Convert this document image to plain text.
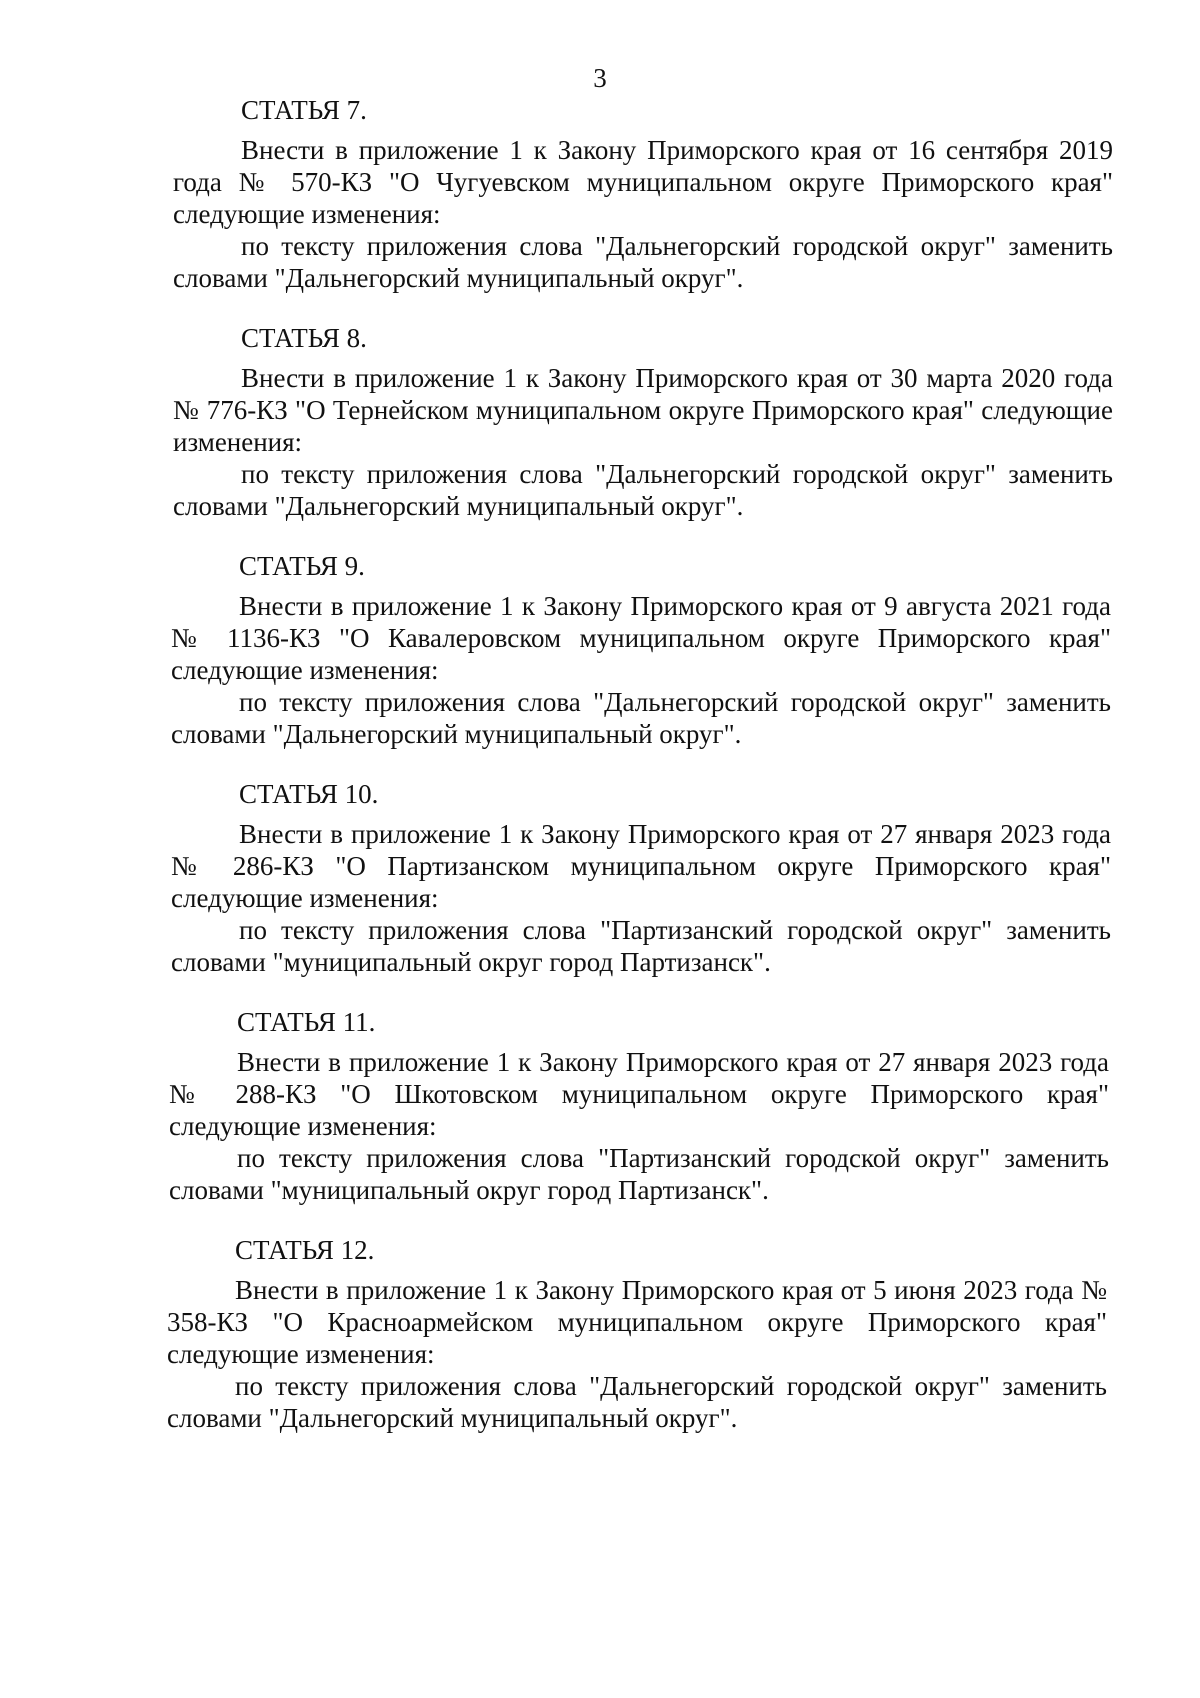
3
СТАТЬЯ 7.

Внести в приложение 1 к Закону Приморского края от 16 сентября 2019 года № 570-КЗ "О Чугуевском муниципальном округе Приморского края" следующие изменения:

по тексту приложения слова "Дальнегорский городской округ" заменить словами "Дальнегорский муниципальный округ".

СТАТЬЯ 8.

Внести в приложение 1 к Закону Приморского края от 30 марта 2020 года № 776-КЗ "О Тернейском муниципальном округе Приморского края" следующие изменения:

по тексту приложения слова "Дальнегорский городской округ" заменить словами "Дальнегорский муниципальный округ".

СТАТЬЯ 9.

Внести в приложение 1 к Закону Приморского края от 9 августа 2021 года № 1136-КЗ "О Кавалеровском муниципальном округе Приморского края" следующие изменения:

по тексту приложения слова "Дальнегорский городской округ" заменить словами "Дальнегорский муниципальный округ".

СТАТЬЯ 10.

Внести в приложение 1 к Закону Приморского края от 27 января 2023 года № 286-КЗ "О Партизанском муниципальном округе Приморского края" следующие изменения:

по тексту приложения слова "Партизанский городской округ" заменить словами "муниципальный округ город Партизанск".

СТАТЬЯ 11.

Внести в приложение 1 к Закону Приморского края от 27 января 2023 года № 288-КЗ "О Шкотовском муниципальном округе Приморского края" следующие изменения:

по тексту приложения слова "Партизанский городской округ" заменить словами "муниципальный округ город Партизанск".

СТАТЬЯ 12.

Внести в приложение 1 к Закону Приморского края от 5 июня 2023 года № 358-КЗ "О Красноармейском муниципальном округе Приморского края" следующие изменения:

по тексту приложения слова "Дальнегорский городской округ" заменить словами "Дальнегорский муниципальный округ".
